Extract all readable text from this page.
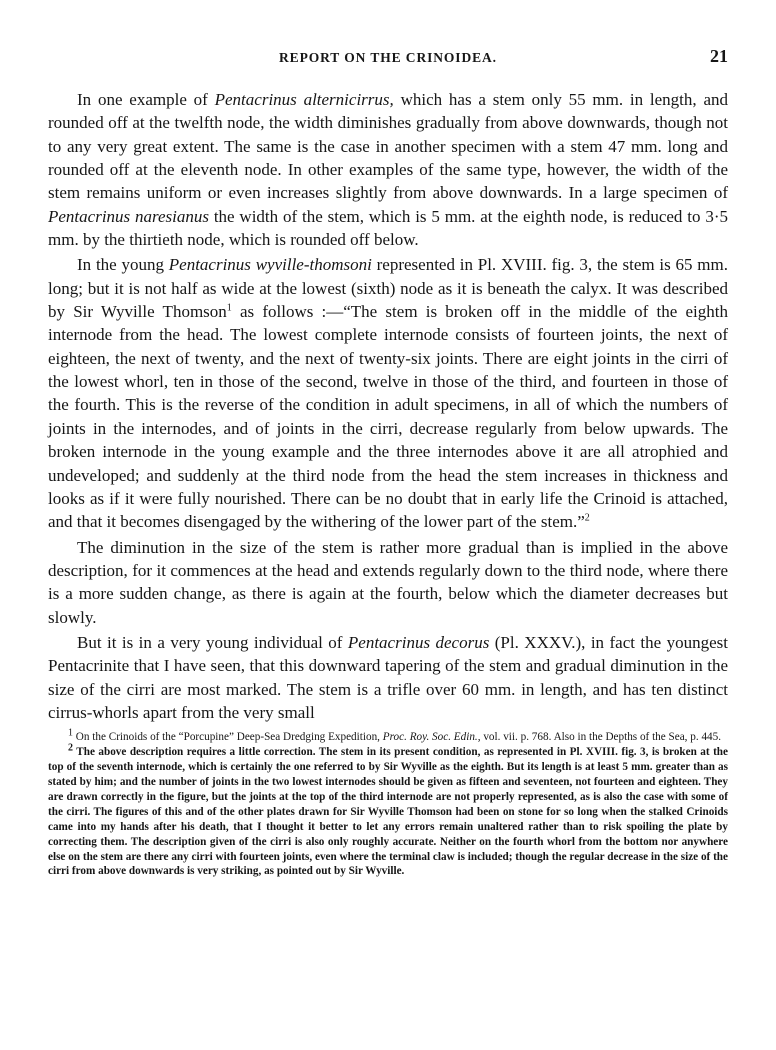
REPORT ON THE CRINOIDEA.	21

In one example of Pentacrinus alternicirrus, which has a stem only 55 mm. in length, and rounded off at the twelfth node, the width diminishes gradually from above downwards, though not to any very great extent. The same is the case in another specimen with a stem 47 mm. long and rounded off at the eleventh node. In other examples of the same type, however, the width of the stem remains uniform or even increases slightly from above downwards. In a large specimen of Pentacrinus naresianus the width of the stem, which is 5 mm. at the eighth node, is reduced to 3·5 mm. by the thirtieth node, which is rounded off below.

In the young Pentacrinus wyville-thomsoni represented in Pl. XVIII. fig. 3, the stem is 65 mm. long; but it is not half as wide at the lowest (sixth) node as it is beneath the calyx. It was described by Sir Wyville Thomson$^1$ as follows :—“The stem is broken off in the middle of the eighth internode from the head. The lowest complete internode consists of fourteen joints, the next of eighteen, the next of twenty, and the next of twenty-six joints. There are eight joints in the cirri of the lowest whorl, ten in those of the second, twelve in those of the third, and fourteen in those of the fourth. This is the reverse of the condition in adult specimens, in all of which the numbers of joints in the internodes, and of joints in the cirri, decrease regularly from below upwards. The broken internode in the young example and the three internodes above it are all atrophied and undeveloped; and suddenly at the third node from the head the stem increases in thickness and looks as if it were fully nourished. There can be no doubt that in early life the Crinoid is attached, and that it becomes disengaged by the withering of the lower part of the stem.”$^2$

The diminution in the size of the stem is rather more gradual than is implied in the above description, for it commences at the head and extends regularly down to the third node, where there is a more sudden change, as there is again at the fourth, below which the diameter decreases but slowly.

But it is in a very young individual of Pentacrinus decorus (Pl. XXXV.), in fact the youngest Pentacrinite that I have seen, that this downward tapering of the stem and gradual diminution in the size of the cirri are most marked. The stem is a trifle over 60 mm. in length, and has ten distinct cirrus-whorls apart from the very small

$^1$ On the Crinoids of the “Porcupine” Deep-Sea Dredging Expedition, Proc. Roy. Soc. Edin., vol. vii. p. 768. Also in the Depths of the Sea, p. 445.

$^2$ The above description requires a little correction. The stem in its present condition, as represented in Pl. XVIII. fig. 3, is broken at the top of the seventh internode, which is certainly the one referred to by Sir Wyville as the eighth. But its length is at least 5 mm. greater than as stated by him; and the number of joints in the two lowest internodes should be given as fifteen and seventeen, not fourteen and eighteen. They are drawn correctly in the figure, but the joints at the top of the third internode are not properly represented, as is also the case with some of the cirri. The figures of this and of the other plates drawn for Sir Wyville Thomson had been on stone for so long when the stalked Crinoids came into my hands after his death, that I thought it better to let any errors remain unaltered rather than to risk spoiling the plate by correcting them. The description given of the cirri is also only roughly accurate. Neither on the fourth whorl from the bottom nor anywhere else on the stem are there any cirri with fourteen joints, even where the terminal claw is included; though the regular decrease in the size of the cirri from above downwards is very striking, as pointed out by Sir Wyville.
